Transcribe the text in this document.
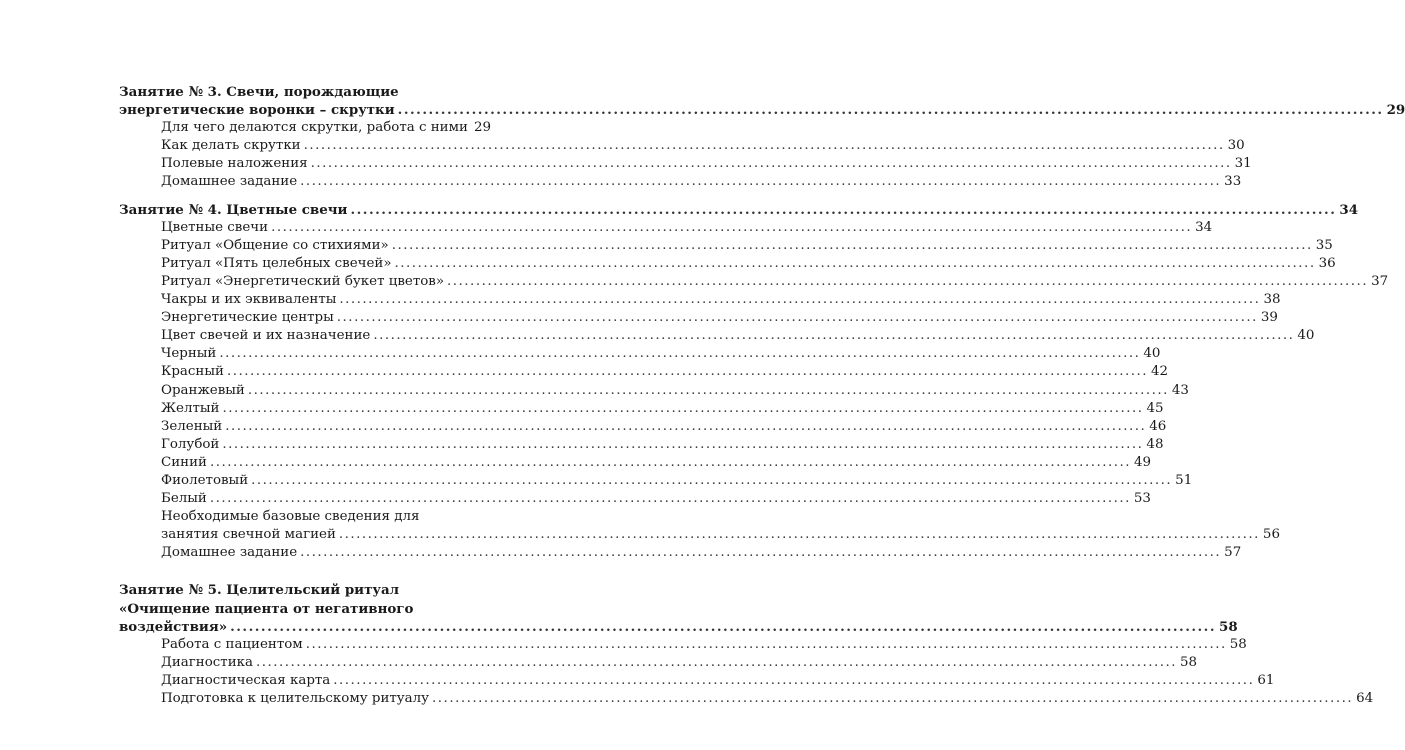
Занятие № 3. Свечи, порождающие
энергетические воронки – скрутки ................................................................................................................................................................ 29
Для чего делаются скрутки, работа с ними 29
Как делать скрутки ................................................................................................................................................................ 30
Полевые наложения ................................................................................................................................................................ 31
Домашнее задание ................................................................................................................................................................ 33
Занятие № 4. Цветные свечи ................................................................................................................................................................ 34
Цветные свечи ................................................................................................................................................................ 34
Ритуал «Общение со стихиями» ................................................................................................................................................................ 35
Ритуал «Пять целебных свечей» ................................................................................................................................................................ 36
Ритуал «Энергетический букет цветов» ................................................................................................................................................................ 37
Чакры и их эквиваленты ................................................................................................................................................................ 38
Энергетические центры ................................................................................................................................................................ 39
Цвет свечей и их назначение ................................................................................................................................................................ 40
Черный ................................................................................................................................................................ 40
Красный ................................................................................................................................................................ 42
Оранжевый ................................................................................................................................................................ 43
Желтый ................................................................................................................................................................ 45
Зеленый ................................................................................................................................................................ 46
Голубой ................................................................................................................................................................ 48
Синий ................................................................................................................................................................ 49
Фиолетовый ................................................................................................................................................................ 51
Белый ................................................................................................................................................................ 53
Необходимые базовые сведения для
занятия свечной магией ................................................................................................................................................................ 56
Домашнее задание ................................................................................................................................................................ 57
Занятие № 5. Целительский ритуал
«Очищение пациента от негативного
воздействия» ................................................................................................................................................................ 58
Работа с пациентом ................................................................................................................................................................ 58
Диагностика ................................................................................................................................................................ 58
Диагностическая карта ................................................................................................................................................................ 61
Подготовка к целительскому ритуалу ................................................................................................................................................................ 64
